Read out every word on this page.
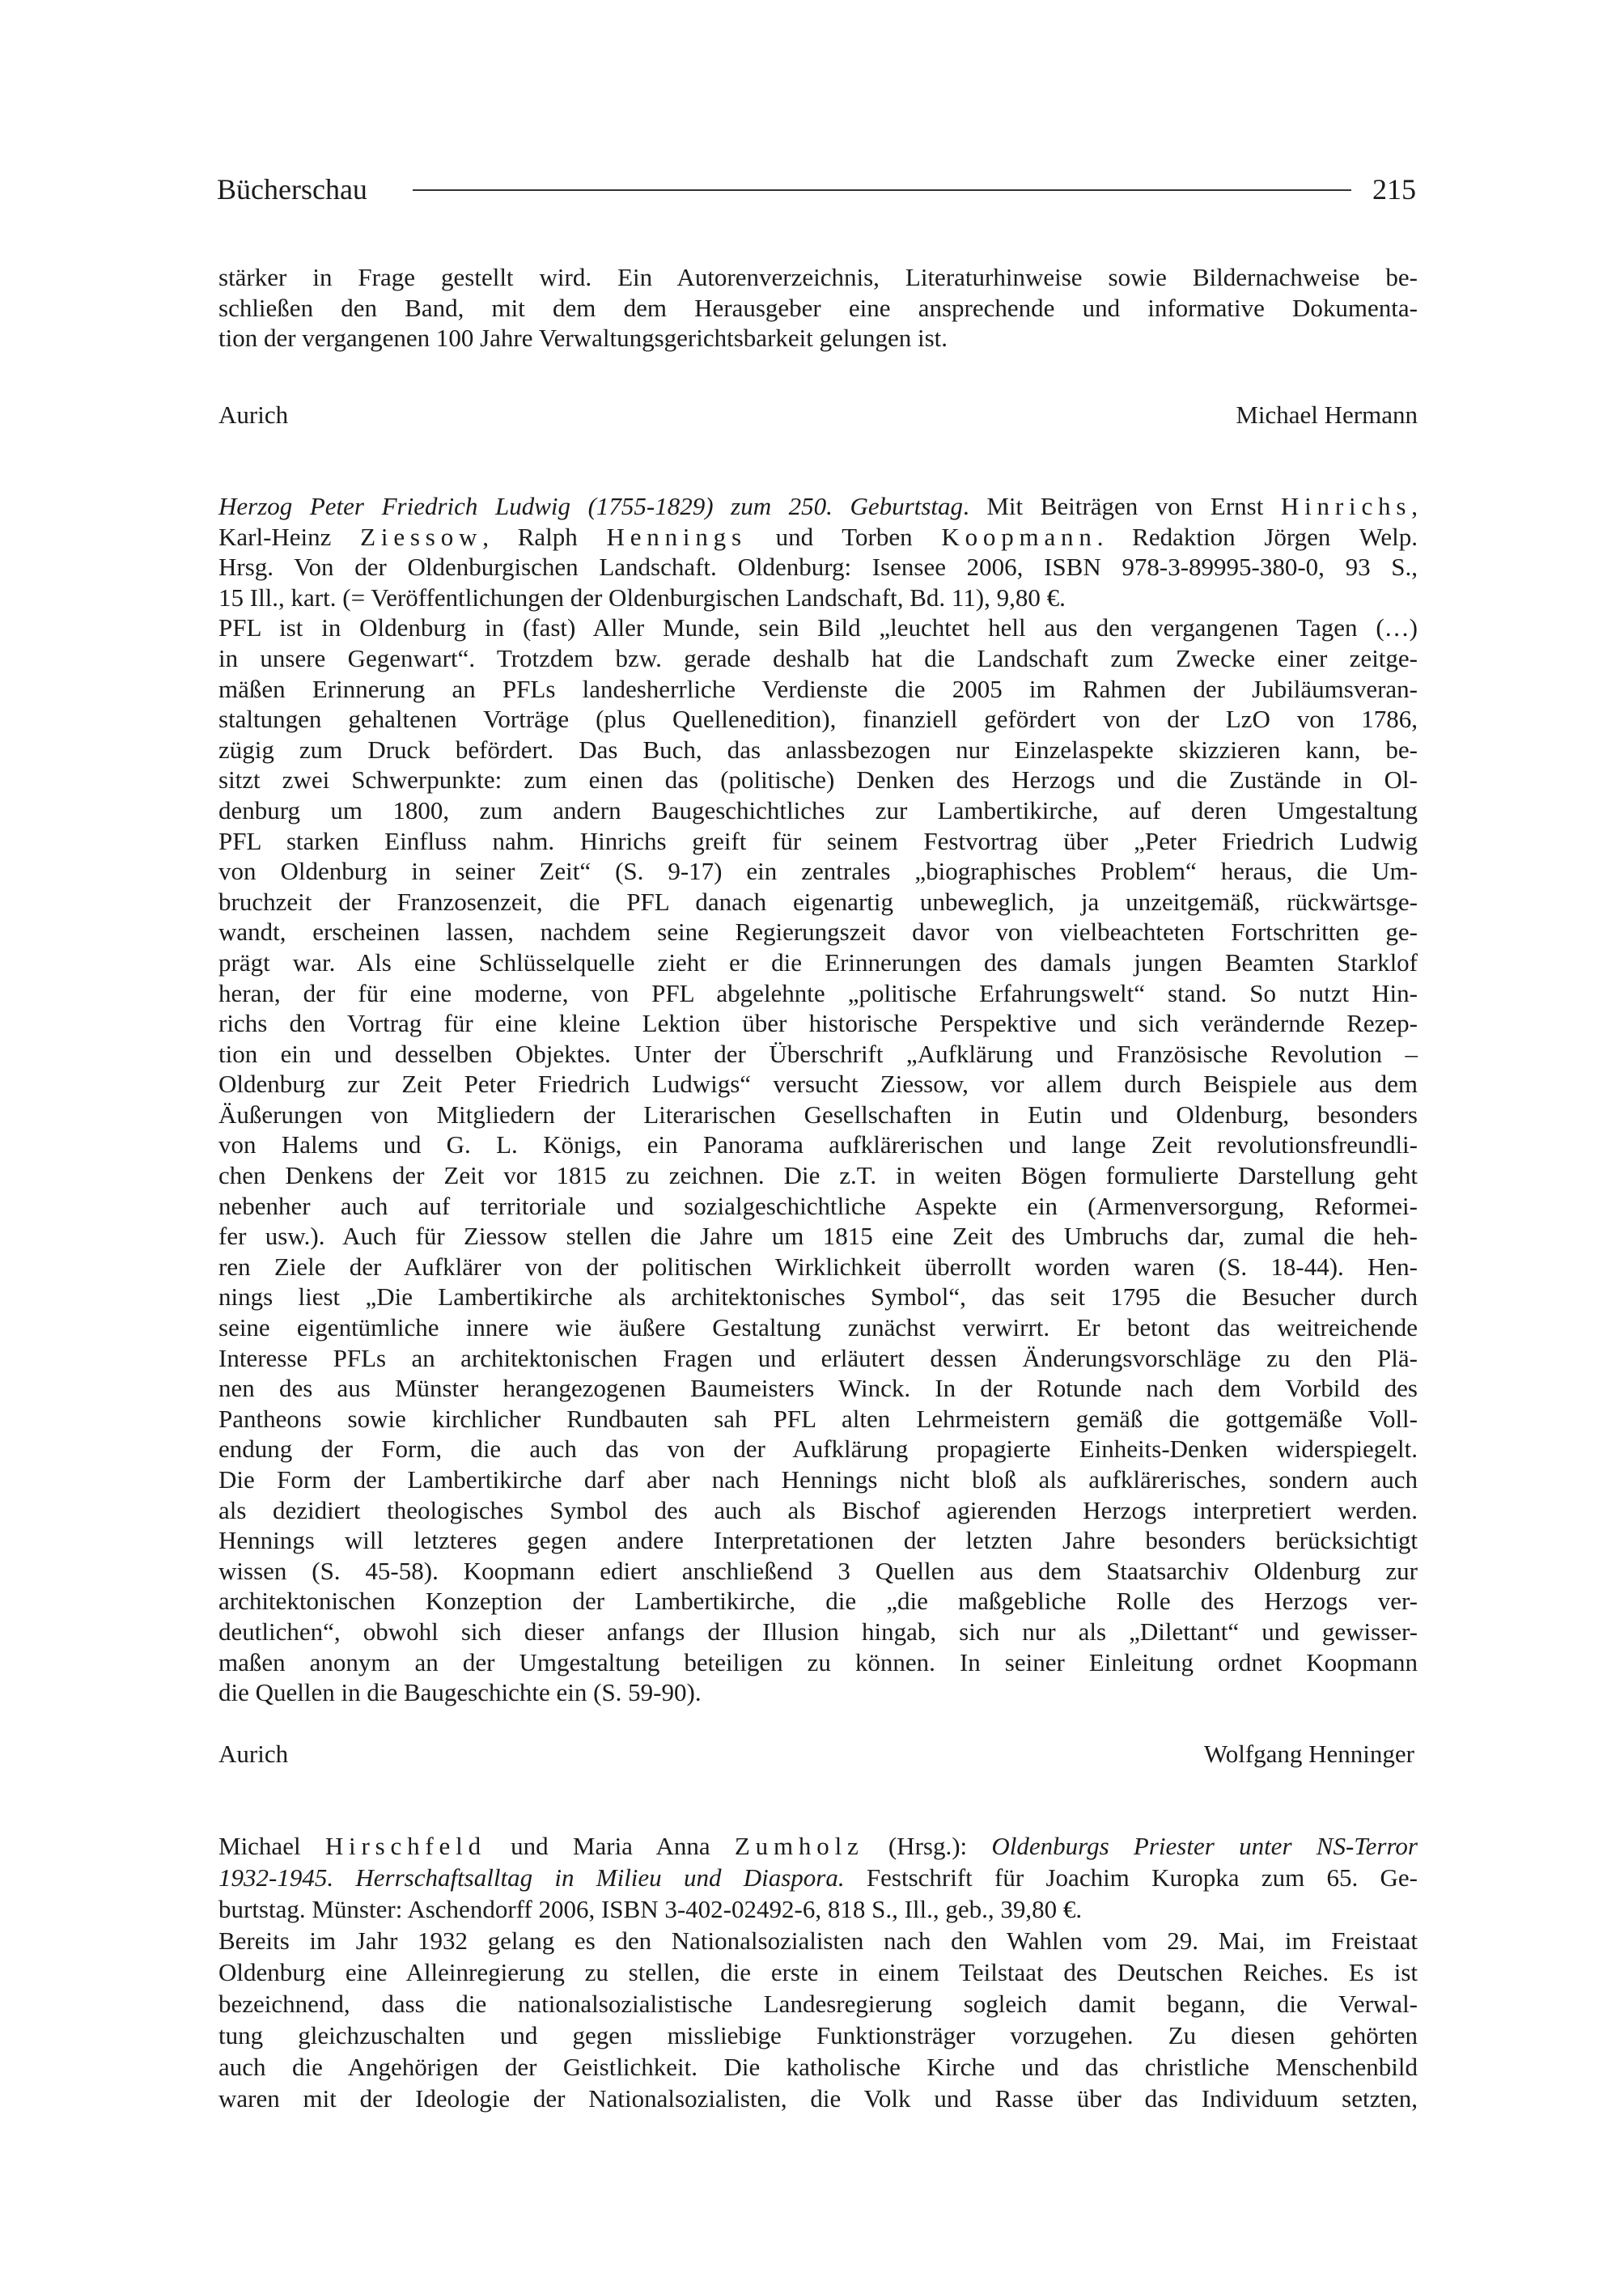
Bücherschau	215
stärker in Frage gestellt wird. Ein Autorenverzeichnis, Literaturhinweise sowie Bildernachweise be-
schließen den Band, mit dem dem Herausgeber eine ansprechende und informative Dokumenta-
tion der vergangenen 100 Jahre Verwaltungsgerichtsbarkeit gelungen ist.
Aurich	Michael Hermann
Herzog Peter Friedrich Ludwig (1755-1829) zum 250. Geburtstag. Mit Beiträgen von Ernst Hinrichs,
Karl-Heinz Ziessow, Ralph Hennings und Torben Koopmann. Redaktion Jörgen Welp.
Hrsg. Von der Oldenburgischen Landschaft. Oldenburg: Isensee 2006, ISBN 978-3-89995-380-0, 93 S.,
15 Ill., kart. (= Veröffentlichungen der Oldenburgischen Landschaft, Bd. 11), 9,80 €.
PFL ist in Oldenburg in (fast) Aller Munde, sein Bild „leuchtet hell aus den vergangenen Tagen (…)
in unsere Gegenwart“. Trotzdem bzw. gerade deshalb hat die Landschaft zum Zwecke einer zeitge-
mäßen Erinnerung an PFLs landesherrliche Verdienste die 2005 im Rahmen der Jubiläumsveran-
staltungen gehaltenen Vorträge (plus Quellenedition), finanziell gefördert von der LzO von 1786,
zügig zum Druck befördert. Das Buch, das anlassbezogen nur Einzelaspekte skizzieren kann, be-
sitzt zwei Schwerpunkte: zum einen das (politische) Denken des Herzogs und die Zustände in Ol-
denburg um 1800, zum andern Baugeschichtliches zur Lambertikirche, auf deren Umgestaltung
PFL starken Einfluss nahm. Hinrichs greift für seinem Festvortrag über „Peter Friedrich Ludwig
von Oldenburg in seiner Zeit“ (S. 9-17) ein zentrales „biographisches Problem“ heraus, die Um-
bruchzeit der Franzosenzeit, die PFL danach eigenartig unbeweglich, ja unzeitgemäß, rückwärtsge-
wandt, erscheinen lassen, nachdem seine Regierungszeit davor von vielbeachteten Fortschritten ge-
prägt war. Als eine Schlüsselquelle zieht er die Erinnerungen des damals jungen Beamten Starklof
heran, der für eine moderne, von PFL abgelehnte „politische Erfahrungswelt“ stand. So nutzt Hin-
richs den Vortrag für eine kleine Lektion über historische Perspektive und sich verändernde Rezep-
tion ein und desselben Objektes. Unter der Überschrift „Aufklärung und Französische Revolution –
Oldenburg zur Zeit Peter Friedrich Ludwigs“ versucht Ziessow, vor allem durch Beispiele aus dem
Äußerungen von Mitgliedern der Literarischen Gesellschaften in Eutin und Oldenburg, besonders
von Halems und G. L. Königs, ein Panorama aufklärerischen und lange Zeit revolutionsfreundli-
chen Denkens der Zeit vor 1815 zu zeichnen. Die z.T. in weiten Bögen formulierte Darstellung geht
nebenher auch auf territoriale und sozialgeschichtliche Aspekte ein (Armenversorgung, Reformei-
fer usw.). Auch für Ziessow stellen die Jahre um 1815 eine Zeit des Umbruchs dar, zumal die heh-
ren Ziele der Aufklärer von der politischen Wirklichkeit überrollt worden waren (S. 18-44). Hen-
nings liest „Die Lambertikirche als architektonisches Symbol“, das seit 1795 die Besucher durch
seine eigentümliche innere wie äußere Gestaltung zunächst verwirrt. Er betont das weitreichende
Interesse PFLs an architektonischen Fragen und erläutert dessen Änderungsvorschläge zu den Plä-
nen des aus Münster herangezogenen Baumeisters Winck. In der Rotunde nach dem Vorbild des
Pantheons sowie kirchlicher Rundbauten sah PFL alten Lehrmeistern gemäß die gottgemäße Voll-
endung der Form, die auch das von der Aufklärung propagierte Einheits-Denken widerspiegelt.
Die Form der Lambertikirche darf aber nach Hennings nicht bloß als aufklärerisches, sondern auch
als dezidiert theologisches Symbol des auch als Bischof agierenden Herzogs interpretiert werden.
Hennings will letzteres gegen andere Interpretationen der letzten Jahre besonders berücksichtigt
wissen (S. 45-58). Koopmann ediert anschließend 3 Quellen aus dem Staatsarchiv Oldenburg zur
architektonischen Konzeption der Lambertikirche, die „die maßgebliche Rolle des Herzogs ver-
deutlichen“, obwohl sich dieser anfangs der Illusion hingab, sich nur als „Dilettant“ und gewisser-
maßen anonym an der Umgestaltung beteiligen zu können. In seiner Einleitung ordnet Koopmann
die Quellen in die Baugeschichte ein (S. 59-90).
Aurich	Wolfgang Henninger
Michael Hirschfeld und Maria Anna Zumholz (Hrsg.): Oldenburgs Priester unter NS-Terror
1932-1945. Herrschaftsalltag in Milieu und Diaspora. Festschrift für Joachim Kuropka zum 65. Ge-
burtstag. Münster: Aschendorff 2006, ISBN 3-402-02492-6, 818 S., Ill., geb., 39,80 €.
Bereits im Jahr 1932 gelang es den Nationalsozialisten nach den Wahlen vom 29. Mai, im Freistaat
Oldenburg eine Alleinregierung zu stellen, die erste in einem Teilstaat des Deutschen Reiches. Es ist
bezeichnend, dass die nationalsozialistische Landesregierung sogleich damit begann, die Verwal-
tung gleichzuschalten und gegen missliebige Funktionsträger vorzugehen. Zu diesen gehörten
auch die Angehörigen der Geistlichkeit. Die katholische Kirche und das christliche Menschenbild
waren mit der Ideologie der Nationalsozialisten, die Volk und Rasse über das Individuum setzten,
